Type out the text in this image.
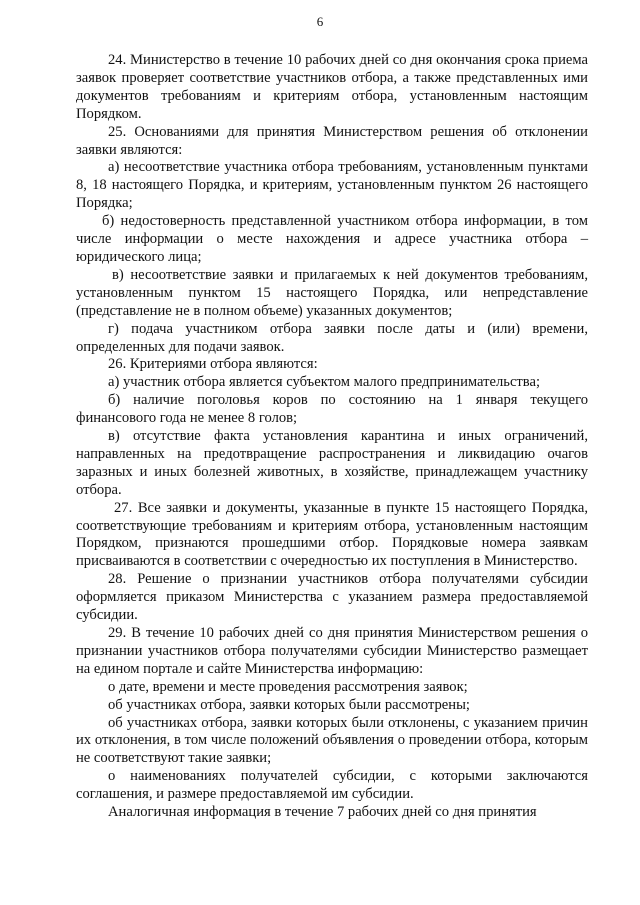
6

24. Министерство в течение 10 рабочих дней со дня окончания срока приема заявок проверяет соответствие участников отбора, а также представленных ими документов требованиям и критериям отбора, установленным настоящим Порядком.

25. Основаниями для принятия Министерством решения об отклонении заявки являются:

а) несоответствие участника отбора требованиям, установленным пунктами 8, 18 настоящего Порядка, и критериям, установленным пунктом 26 настоящего Порядка;

б) недостоверность представленной участником отбора информации, в том числе информации о месте нахождения и адресе участника отбора – юридического лица;

в) несоответствие заявки и прилагаемых к ней документов требованиям, установленным пунктом 15 настоящего Порядка, или непредставление (представление не в полном объеме) указанных документов;

г) подача участником отбора заявки после даты и (или) времени, определенных для подачи заявок.

26. Критериями отбора являются:

а) участник отбора является субъектом малого предпринимательства;

б) наличие поголовья коров по состоянию на 1 января текущего финансового года не менее 8 голов;

в) отсутствие факта установления карантина и иных ограничений, направленных на предотвращение распространения и ликвидацию очагов заразных и иных болезней животных, в хозяйстве, принадлежащем участнику отбора.

27. Все заявки и документы, указанные в пункте 15 настоящего Порядка, соответствующие требованиям и критериям отбора, установленным настоящим Порядком, признаются прошедшими отбор. Порядковые номера заявкам присваиваются в соответствии с очередностью их поступления в Министерство.

28. Решение о признании участников отбора получателями субсидии оформляется приказом Министерства с указанием размера предоставляемой субсидии.

29. В течение 10 рабочих дней со дня принятия Министерством решения о признании участников отбора получателями субсидии Министерство размещает на едином портале и сайте Министерства информацию:

о дате, времени и месте проведения рассмотрения заявок;

об участниках отбора, заявки которых были рассмотрены;

об участниках отбора, заявки которых были отклонены, с указанием причин их отклонения, в том числе положений объявления о проведении отбора, которым не соответствуют такие заявки;

о наименованиях получателей субсидии, с которыми заключаются соглашения, и размере предоставляемой им субсидии.

Аналогичная информация в течение 7 рабочих дней со дня принятия
